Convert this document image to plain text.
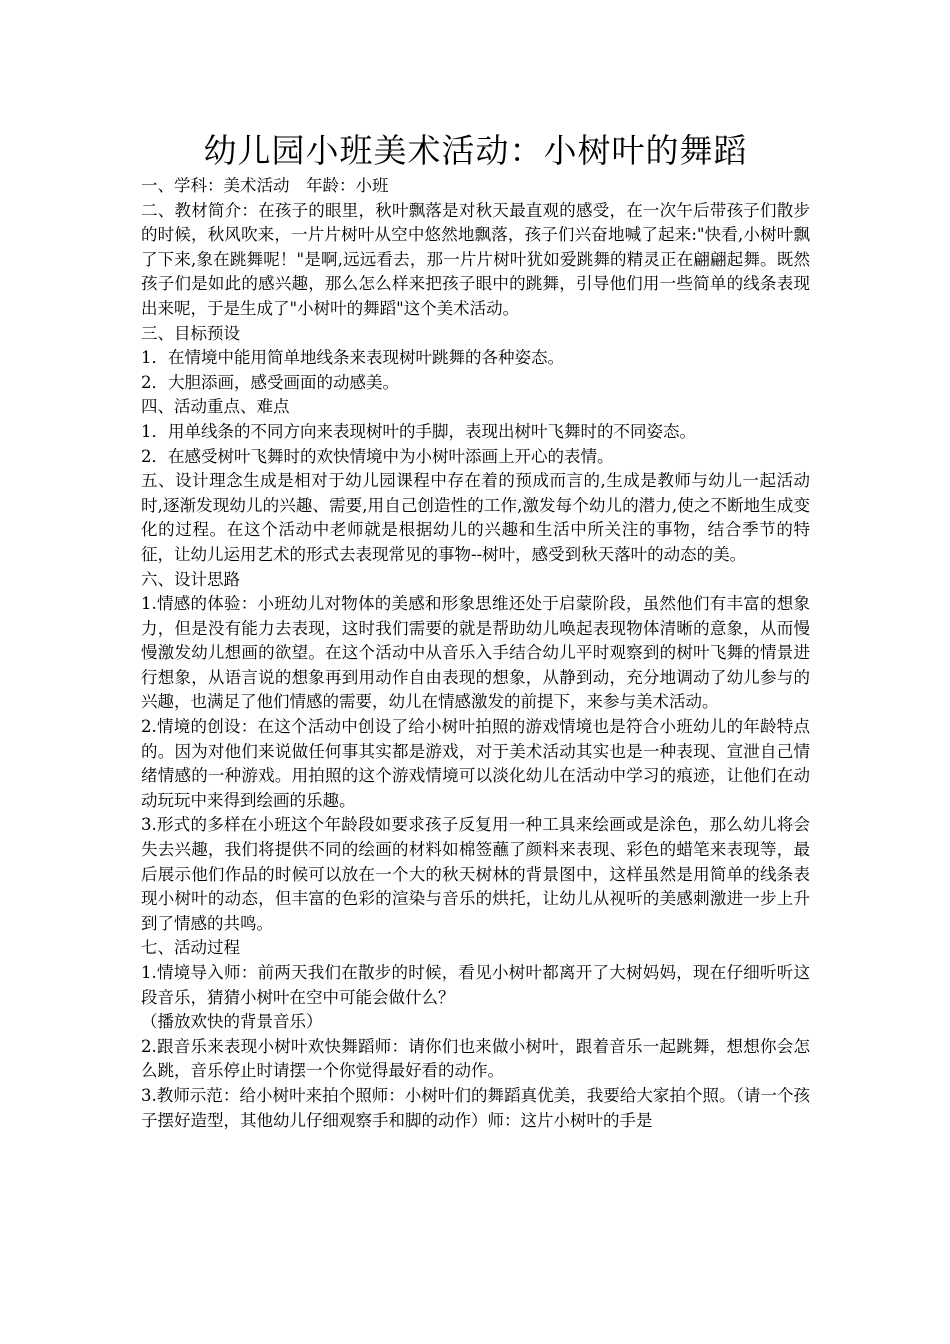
幼儿园小班美术活动：小树叶的舞蹈

一、学科：美术活动　年龄：小班

二、教材简介：在孩子的眼里，秋叶飘落是对秋天最直观的感受，在一次午后带孩子们散步的时候，秋风吹来，一片片树叶从空中悠然地飘落，孩子们兴奋地喊了起来:"快看,小树叶飘了下来,象在跳舞呢！"是啊,远远看去，那一片片树叶犹如爱跳舞的精灵正在翩翩起舞。既然孩子们是如此的感兴趣，那么怎么样来把孩子眼中的跳舞，引导他们用一些简单的线条表现出来呢，于是生成了"小树叶的舞蹈"这个美术活动。

三、目标预设

1．在情境中能用简单地线条来表现树叶跳舞的各种姿态。

2．大胆添画，感受画面的动感美。

四、活动重点、难点

1．用单线条的不同方向来表现树叶的手脚，表现出树叶飞舞时的不同姿态。

2．在感受树叶飞舞时的欢快情境中为小树叶添画上开心的表情。

五、设计理念生成是相对于幼儿园课程中存在着的预成而言的,生成是教师与幼儿一起活动时,逐渐发现幼儿的兴趣、需要,用自己创造性的工作,激发每个幼儿的潜力,使之不断地生成变化的过程。在这个活动中老师就是根据幼儿的兴趣和生活中所关注的事物，结合季节的特征，让幼儿运用艺术的形式去表现常见的事物--树叶，感受到秋天落叶的动态的美。

六、设计思路

1.情感的体验：小班幼儿对物体的美感和形象思维还处于启蒙阶段，虽然他们有丰富的想象力，但是没有能力去表现，这时我们需要的就是帮助幼儿唤起表现物体清晰的意象，从而慢慢激发幼儿想画的欲望。在这个活动中从音乐入手结合幼儿平时观察到的树叶飞舞的情景进行想象，从语言说的想象再到用动作自由表现的想象，从静到动，充分地调动了幼儿参与的兴趣，也满足了他们情感的需要，幼儿在情感激发的前提下，来参与美术活动。

2.情境的创设：在这个活动中创设了给小树叶拍照的游戏情境也是符合小班幼儿的年龄特点的。因为对他们来说做任何事其实都是游戏，对于美术活动其实也是一种表现、宣泄自己情绪情感的一种游戏。用拍照的这个游戏情境可以淡化幼儿在活动中学习的痕迹，让他们在动动玩玩中来得到绘画的乐趣。

3.形式的多样在小班这个年龄段如要求孩子反复用一种工具来绘画或是涂色，那么幼儿将会失去兴趣，我们将提供不同的绘画的材料如棉签蘸了颜料来表现、彩色的蜡笔来表现等，最后展示他们作品的时候可以放在一个大的秋天树林的背景图中，这样虽然是用简单的线条表现小树叶的动态，但丰富的色彩的渲染与音乐的烘托，让幼儿从视听的美感刺激进一步上升到了情感的共鸣。

七、活动过程

1.情境导入师：前两天我们在散步的时候，看见小树叶都离开了大树妈妈，现在仔细听听这段音乐，猜猜小树叶在空中可能会做什么？

（播放欢快的背景音乐）

2.跟音乐来表现小树叶欢快舞蹈师：请你们也来做小树叶，跟着音乐一起跳舞，想想你会怎么跳，音乐停止时请摆一个你觉得最好看的动作。

3.教师示范：给小树叶来拍个照师：小树叶们的舞蹈真优美，我要给大家拍个照。（请一个孩子摆好造型，其他幼儿仔细观察手和脚的动作）师：这片小树叶的手是
